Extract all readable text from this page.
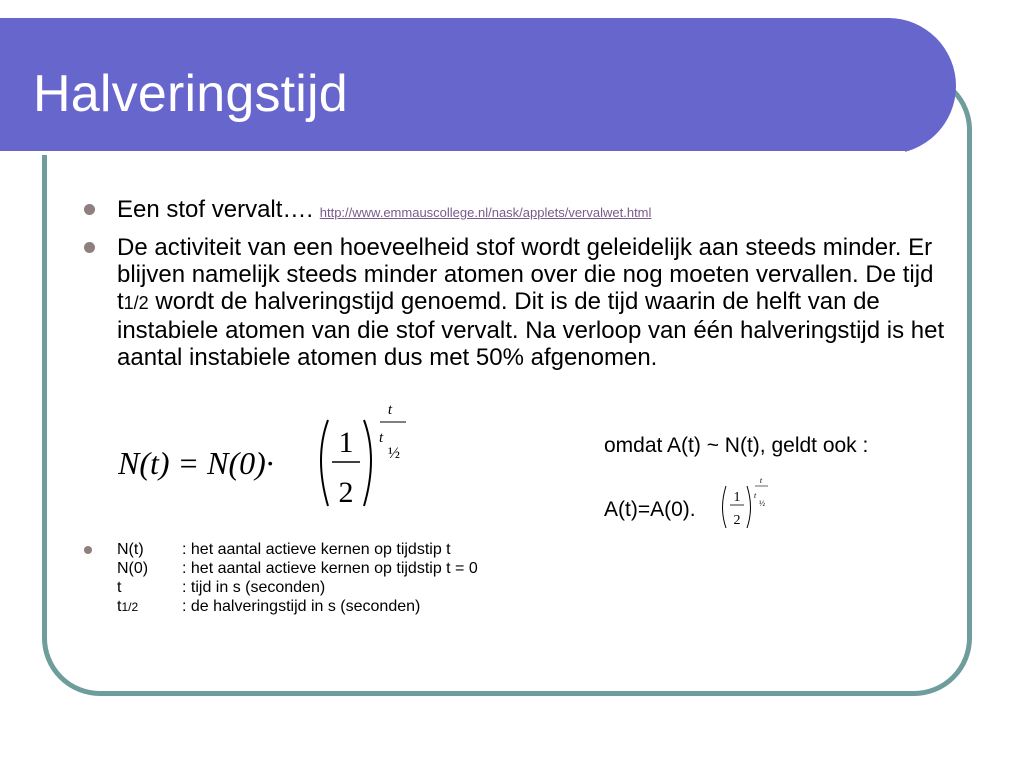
Halveringstijd
Een stof vervalt…. http://www.emmauscollege.nl/nask/applets/vervalwet.html
De activiteit van een hoeveelheid stof wordt geleidelijk aan steeds minder. Er blijven namelijk steeds minder atomen over die nog moeten vervallen. De tijd t1/2 wordt de halveringstijd genoemd. Dit is de tijd waarin de helft van de instabiele atomen van die stof vervalt. Na verloop van één halveringstijd is het aantal instabiele atomen dus met 50% afgenomen.
N(t) = N(0)·
1
2
t
t
½	omdat A(t) ~ N(t), geldt ook :
A(t)=A(0).
1
2
t
t
½
N(t)	: het aantal actieve kernen op tijdstip t
N(0)	: het aantal actieve kernen op tijdstip t = 0
t	: tijd in s (seconden)
t1/2	: de halveringstijd in s (seconden)
